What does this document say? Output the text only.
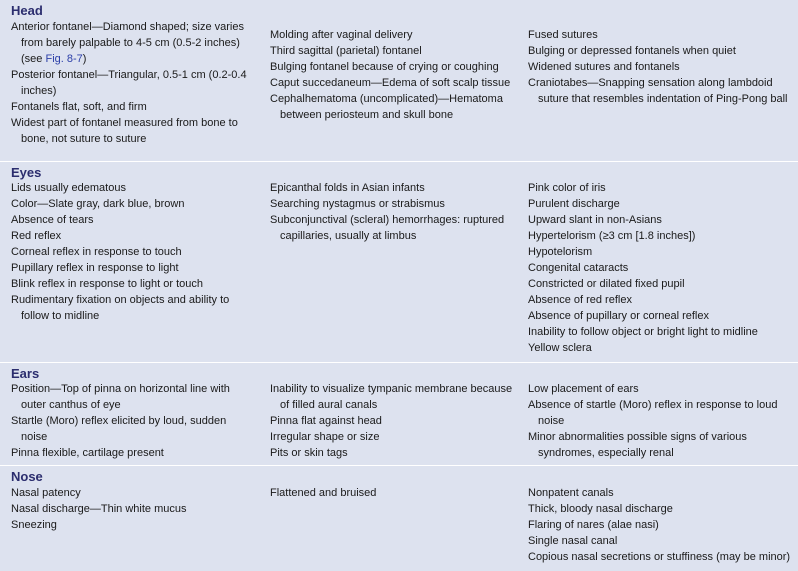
Head
Anterior fontanel—Diamond shaped; size varies
from barely palpable to 4-5 cm (0.5-2 inches)
(see Fig. 8-7)
Posterior fontanel—Triangular, 0.5-1 cm (0.2-0.4
inches)
Fontanels flat, soft, and firm
Widest part of fontanel measured from bone to
bone, not suture to suture
Molding after vaginal delivery
Third sagittal (parietal) fontanel
Bulging fontanel because of crying or coughing
Caput succedaneum—Edema of soft scalp tissue
Cephalhematoma (uncomplicated)—Hematoma
between periosteum and skull bone
Fused sutures
Bulging or depressed fontanels when quiet
Widened sutures and fontanels
Craniotabes—Snapping sensation along lambdoid
suture that resembles indentation of Ping-Pong ball
Eyes
Lids usually edematous
Color—Slate gray, dark blue, brown
Absence of tears
Red reflex
Corneal reflex in response to touch
Pupillary reflex in response to light
Blink reflex in response to light or touch
Rudimentary fixation on objects and ability to
follow to midline
Epicanthal folds in Asian infants
Searching nystagmus or strabismus
Subconjunctival (scleral) hemorrhages: ruptured
capillaries, usually at limbus
Pink color of iris
Purulent discharge
Upward slant in non-Asians
Hypertelorism (≥3 cm [1.8 inches])
Hypotelorism
Congenital cataracts
Constricted or dilated fixed pupil
Absence of red reflex
Absence of pupillary or corneal reflex
Inability to follow object or bright light to midline
Yellow sclera
Ears
Position—Top of pinna on horizontal line with
outer canthus of eye
Startle (Moro) reflex elicited by loud, sudden
noise
Pinna flexible, cartilage present
Inability to visualize tympanic membrane because
of filled aural canals
Pinna flat against head
Irregular shape or size
Pits or skin tags
Low placement of ears
Absence of startle (Moro) reflex in response to loud
noise
Minor abnormalities possible signs of various
syndromes, especially renal
Nose
Nasal patency
Nasal discharge—Thin white mucus
Sneezing
Flattened and bruised	Nonpatent canals
Thick, bloody nasal discharge
Flaring of nares (alae nasi)
Single nasal canal
Copious nasal secretions or stuffiness (may be minor)
